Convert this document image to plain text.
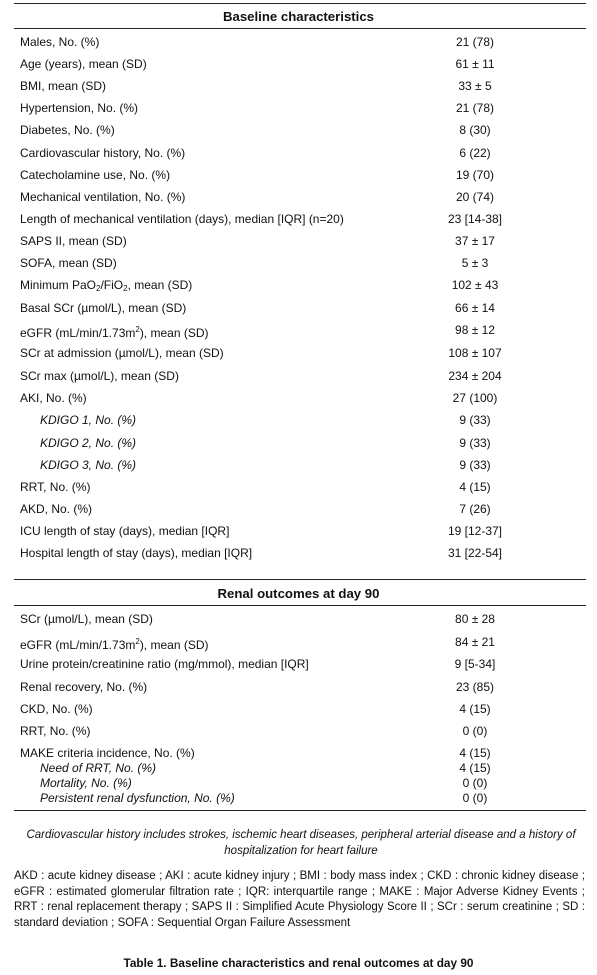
Baseline characteristics
Males, No. (%)	21 (78)
Age (years), mean (SD)	61 ± 11
BMI, mean (SD)	33 ± 5
Hypertension, No. (%)	21 (78)
Diabetes, No. (%)	8 (30)
Cardiovascular history, No. (%)	6 (22)
Catecholamine use, No. (%)	19 (70)
Mechanical ventilation, No. (%)	20 (74)
Length of mechanical ventilation (days), median [IQR] (n=20)	23 [14-38]
SAPS II, mean (SD)	37 ± 17
SOFA, mean (SD)	5 ± 3
Minimum PaO$_2$/FiO$_2$, mean (SD)	102 ± 43
Basal SCr (µmol/L), mean (SD)	66 ± 14
eGFR $(mL/\min/1.73m^2)$, mean (SD)	98 ± 12
SCr at admission (µmol/L), mean (SD)	108 ± 107
SCr max (µmol/L), mean (SD)	234 ± 204
AKI, No. (%)	27 (100)
KDIGO 1, No. (%)	9 (33)
KDIGO 2, No. (%)	9 (33)
KDIGO 3, No. (%)	9 (33)
RRT, No. (%)	4 (15)
AKD, No. (%)	7 (26)
ICU length of stay (days), median [IQR]	19 [12-37]
Hospital length of stay (days), median [IQR]	31 [22-54]
Renal outcomes at day 90
SCr (µmol/L), mean (SD)	80 ± 28
eGFR $(mL/\min/1.73m^2)$, mean (SD)	84 ± 21
Urine protein/creatinine ratio (mg/mmol), median [IQR]	9 [5-34]
Renal recovery, No. (%)	23 (85)
CKD, No. (%)	4 (15)
RRT, No. (%)	0 (0)
MAKE criteria incidence, No. (%)	4 (15)
Need of RRT, No. (%)	4 (15)
Mortality, No. (%)	0 (0)
Persistent renal dysfunction, No. (%)	0 (0)
Cardiovascular history includes strokes, ischemic heart diseases, peripheral arterial disease and a history of hospitalization for heart failure
AKD : acute kidney disease ; AKI : acute kidney injury ; BMI : body mass index ; CKD : chronic kidney disease ; eGFR : estimated glomerular filtration rate ; IQR: interquartile range ; MAKE : Major Adverse Kidney Events ; RRT : renal replacement therapy ; SAPS II : Simplified Acute Physiology Score II ; SCr : serum creatinine ; SD : standard deviation ; SOFA : Sequential Organ Failure Assessment
Table 1. Baseline characteristics and renal outcomes at day 90
